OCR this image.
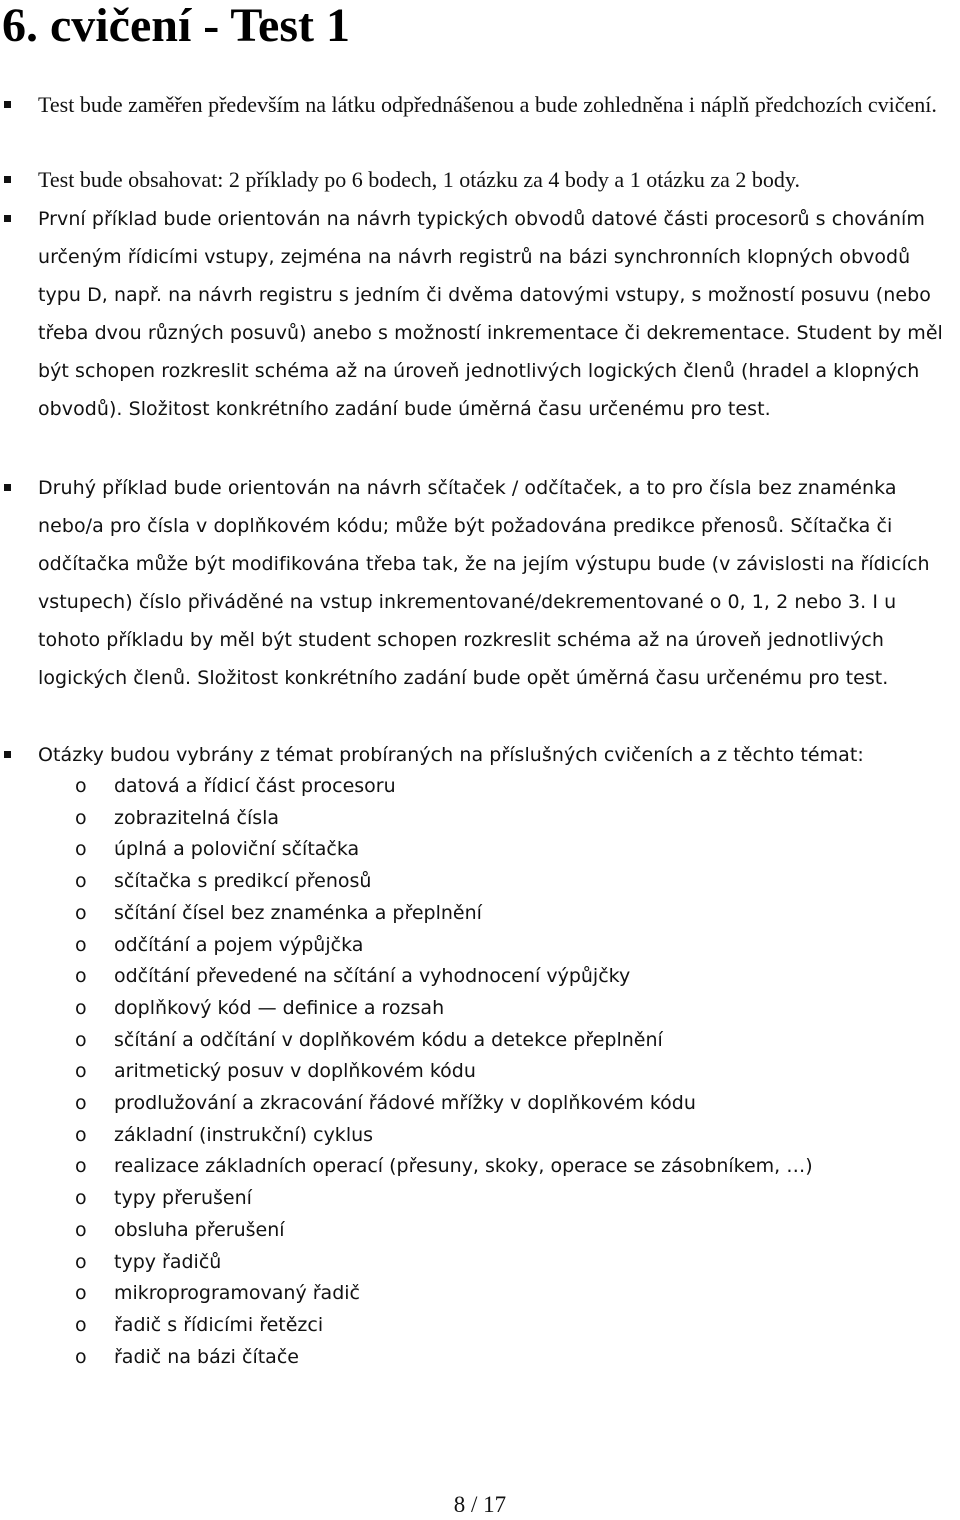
6. cvičení - Test 1
Test bude zaměřen především na látku odpřednášenou a bude zohledněna i náplň předchozích cvičení.
Test bude obsahovat: 2 příklady po 6 bodech, 1 otázku za 4 body a 1 otázku za 2 body.
První příklad bude orientován na návrh typických obvodů datové části procesorů s chováním určeným řídicími vstupy, zejména na návrh registrů na bázi synchronních klopných obvodů typu D, např. na návrh registru s jedním či dvěma datovými vstupy, s možností posuvu (nebo třeba dvou různých posuvů) anebo s možností inkrementace či dekrementace. Student by měl být schopen rozkreslit schéma až na úroveň jednotlivých logických členů (hradel a klopných obvodů). Složitost konkrétního zadání bude úměrná času určenému pro test.
Druhý příklad bude orientován na návrh sčítaček / odčítaček, a to pro čísla bez znaménka nebo/a pro čísla v doplňkovém kódu; může být požadována predikce přenosů. Sčítačka či odčítačka může být modifikována třeba tak, že na jejím výstupu bude (v závislosti na řídicích vstupech) číslo přiváděné na vstup inkrementované/dekrementované o 0, 1, 2 nebo 3. I u tohoto příkladu by měl být student schopen rozkreslit schéma až na úroveň jednotlivých logických členů. Složitost konkrétního zadání bude opět úměrná času určenému pro test.
Otázky budou vybrány z témat probíraných na příslušných cvičeních a z těchto témat:
o datová a řídicí část procesoru
o zobrazitelná čísla
o úplná a poloviční sčítačka
o sčítačka s predikcí přenosů
o sčítání čísel bez znaménka a přeplnění
o odčítání a pojem výpůjčka
o odčítání převedené na sčítání a vyhodnocení výpůjčky
o doplňkový kód — definice a rozsah
o sčítání a odčítání v doplňkovém kódu a detekce přeplnění
o aritmetický posuv v doplňkovém kódu
o prodlužování a zkracování řádové mřížky v doplňkovém kódu
o základní (instrukční) cyklus
o realizace základních operací (přesuny, skoky, operace se zásobníkem, …)
o typy přerušení
o obsluha přerušení
o typy řadičů
o mikroprogramovaný řadič
o řadič s řídicími řetězci
o řadič na bázi čítače
8 / 17
